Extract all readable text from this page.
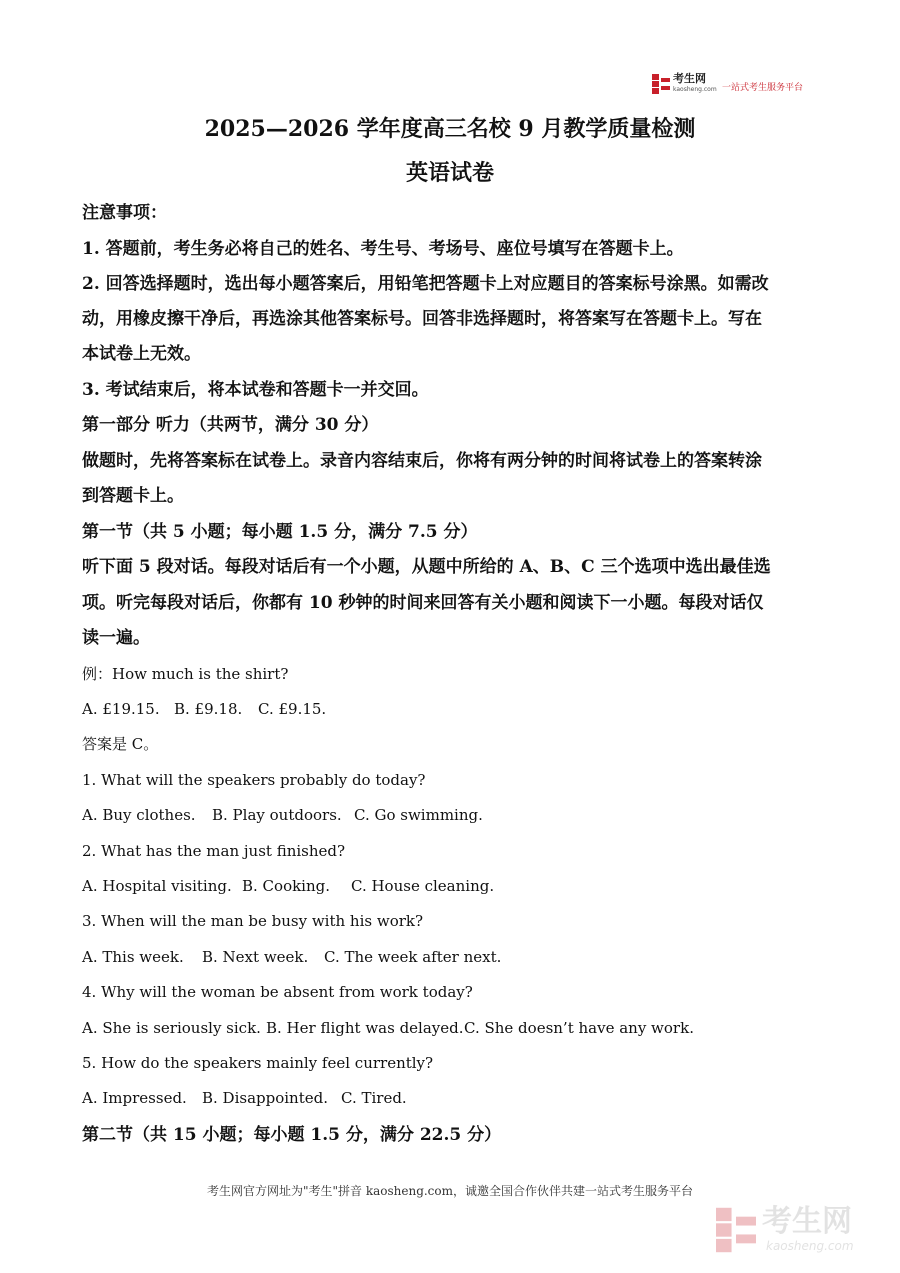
考生网
kaosheng.com 一站式考生服务平台
2025—2026 学年度高三名校 9 月教学质量检测
英语试卷
注意事项：
1. 答题前，考生务必将自己的姓名、考生号、考场号、座位号填写在答题卡上。
2. 回答选择题时，选出每小题答案后，用铅笔把答题卡上对应题目的答案标号涂黑。如需改
动，用橡皮擦干净后，再选涂其他答案标号。回答非选择题时，将答案写在答题卡上。写在
本试卷上无效。
3. 考试结束后，将本试卷和答题卡一并交回。
第一部分 听力（共两节，满分 30 分）
做题时，先将答案标在试卷上。录音内容结束后，你将有两分钟的时间将试卷上的答案转涂
到答题卡上。
第一节（共 5 小题；每小题 1.5 分，满分 7.5 分）
听下面 5 段对话。每段对话后有一个小题，从题中所给的 A、B、C 三个选项中选出最佳选
项。听完每段对话后，你都有 10 秒钟的时间来回答有关小题和阅读下一小题。每段对话仅
读一遍。
例：How much is the shirt?
A. £19.15. B. £9.18. C. £9.15.
答案是 C。
1. What will the speakers probably do today?
A. Buy clothes. B. Play outdoors. C. Go swimming.
2. What has the man just finished?
A. Hospital visiting. B. Cooking. C. House cleaning.
3. When will the man be busy with his work?
A. This week. B. Next week. C. The week after next.
4. Why will the woman be absent from work today?
A. She is seriously sick. B. Her flight was delayed.C. She doesn’t have any work.
5. How do the speakers mainly feel currently?
A. Impressed. B. Disappointed. C. Tired.
第二节（共 15 小题；每小题 1.5 分，满分 22.5 分）
考生网官方网址为"考生"拼音 kaosheng.com，诚邀全国合作伙伴共建一站式考生服务平台
考生网
kaosheng.com
